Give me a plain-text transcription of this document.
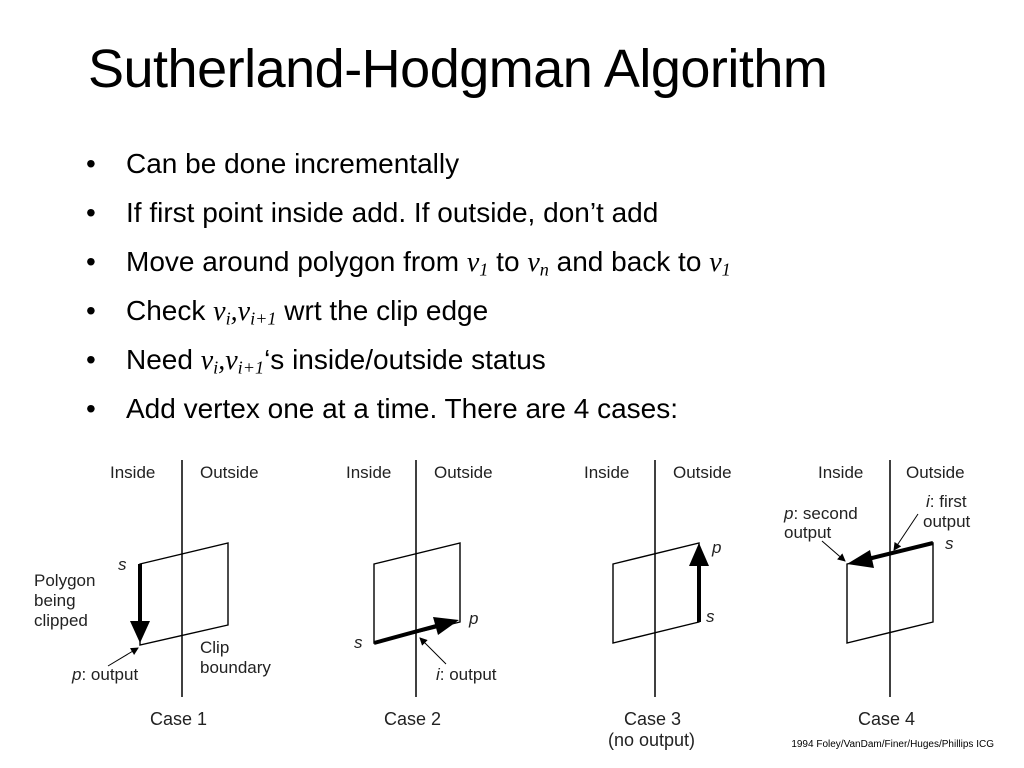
Sutherland-Hodgman Algorithm
• Can be done incrementally
• If first point inside add. If outside, don’t add
• Move around polygon from $v_1$ to $v_n$ and back to $v_1$
• Check $v_i,v_{i+1}$ wrt the clip edge
• Need $v_i,v_{i+1}‘s$ inside/outside status
• Add vertex one at a time. There are 4 cases:
Inside	Outside
s
Polygon
being
clipped
p: output
Clip
boundary
Case 1
Inside	Outside
s
p
i: output
Case 2
Inside	Outside
s
p
Case 3
(no output)
Inside	Outside
s
p: second
output
i: first
output
Case 4
1994 Foley/VanDam/Finer/Huges/Phillips ICG
